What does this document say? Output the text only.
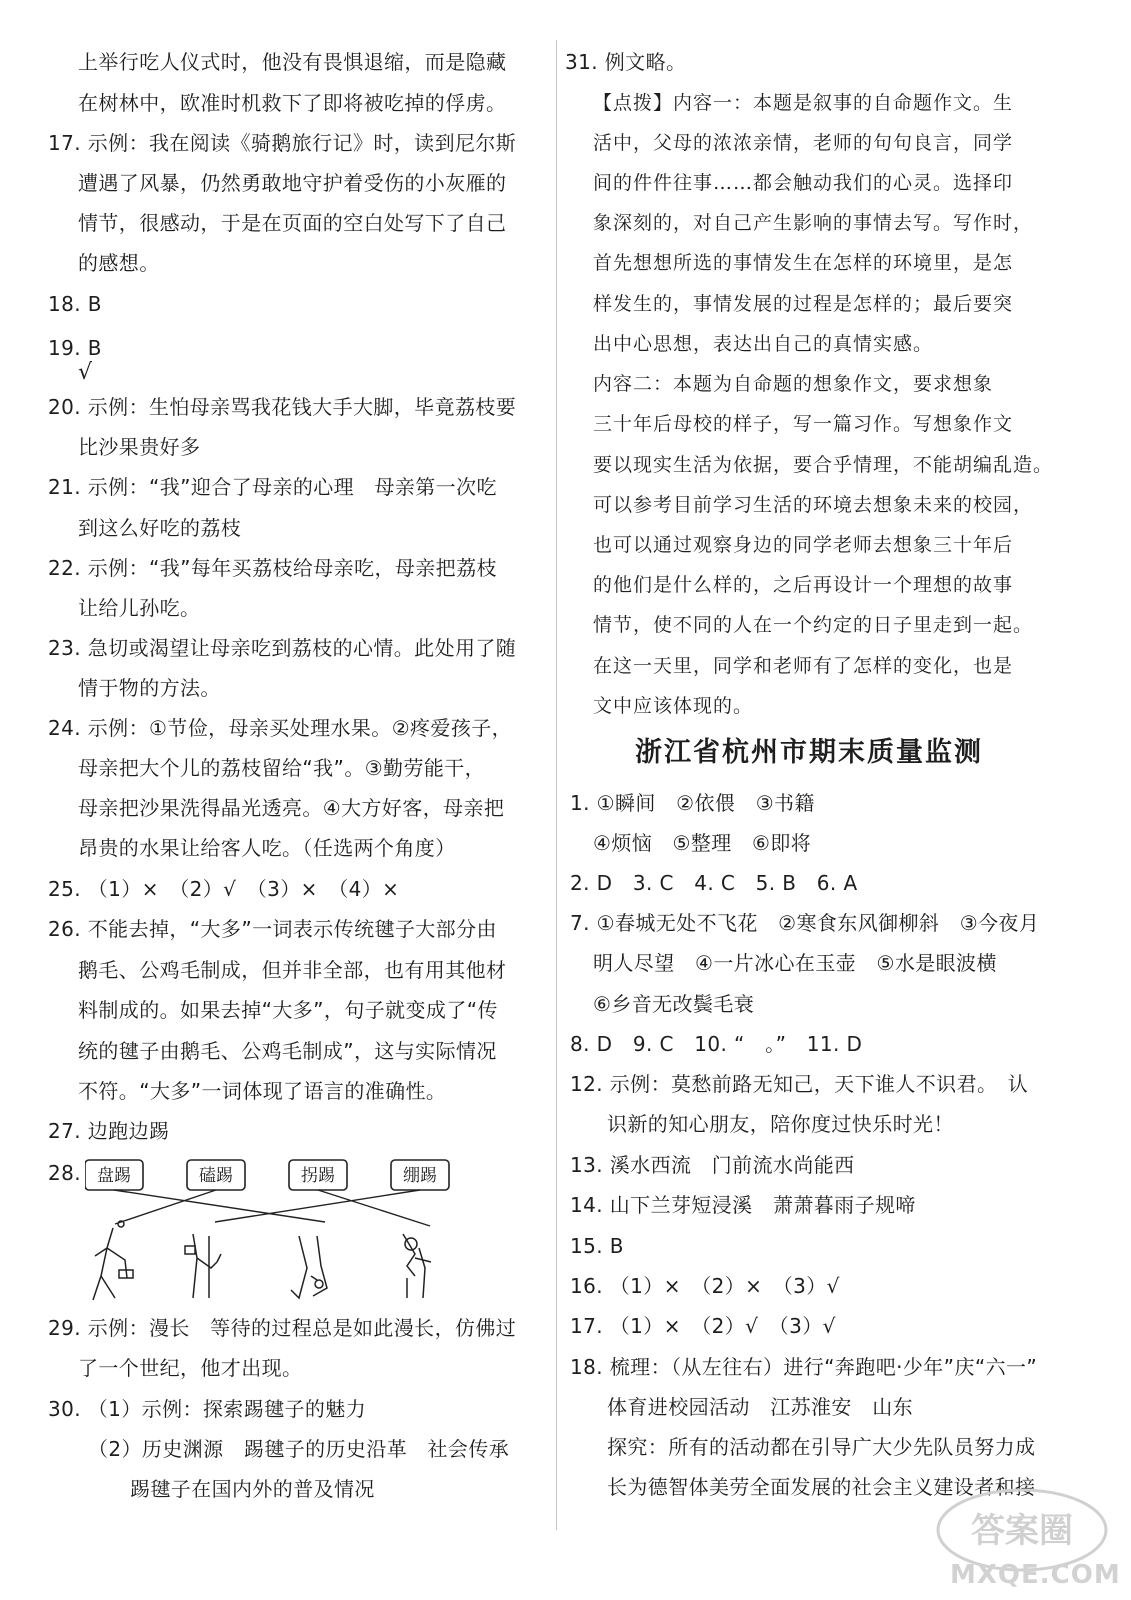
上举行吃人仪式时，他没有畏惧退缩，而是隐藏
在树林中，欧准时机救下了即将被吃掉的俘虏。
17. 示例：我在阅读《骑鹅旅行记》时，读到尼尔斯
遭遇了风暴，仍然勇敢地守护着受伤的小灰雁的
情节，很感动，于是在页面的空白处写下了自己
的感想。
18. B
19. B
√
20. 示例：生怕母亲骂我花钱大手大脚，毕竟荔枝要
比沙果贵好多
21. 示例：“我”迎合了母亲的心理　母亲第一次吃
到这么好吃的荔枝
22. 示例：“我”每年买荔枝给母亲吃，母亲把荔枝
让给儿孙吃。
23. 急切或渴望让母亲吃到荔枝的心情。此处用了随
情于物的方法。
24. 示例：①节俭，母亲买处理水果。②疼爱孩子，
母亲把大个儿的荔枝留给“我”。③勤劳能干，
母亲把沙果洗得晶光透亮。④大方好客，母亲把
昂贵的水果让给客人吃。（任选两个角度）
25. （1）×　（2）√　（3）×　（4）×
26. 不能去掉，“大多”一词表示传统毽子大部分由
鹅毛、公鸡毛制成，但并非全部，也有用其他材
料制成的。如果去掉“大多”，句子就变成了“传
统的毽子由鹅毛、公鸡毛制成”，这与实际情况
不符。“大多”一词体现了语言的准确性。
27. 边跑边踢
28. 盘踢	磕踢	拐踢	绷踢
29. 示例：漫长　等待的过程总是如此漫长，仿佛过
了一个世纪，他才出现。
30. （1）示例：探索踢毽子的魅力
（2）历史渊源　踢毽子的历史沿革　社会传承
踢毽子在国内外的普及情况
31. 例文略。
【点拨】内容一：本题是叙事的自命题作文。生
活中，父母的浓浓亲情，老师的句句良言，同学
间的件件往事……都会触动我们的心灵。选择印
象深刻的，对自己产生影响的事情去写。写作时，
首先想想所选的事情发生在怎样的环境里，是怎
样发生的，事情发展的过程是怎样的；最后要突
出中心思想，表达出自己的真情实感。
内容二：本题为自命题的想象作文，要求想象
三十年后母校的样子，写一篇习作。写想象作文
要以现实生活为依据，要合乎情理，不能胡编乱造。
可以参考目前学习生活的环境去想象未来的校园，
也可以通过观察身边的同学老师去想象三十年后
的他们是什么样的，之后再设计一个理想的故事
情节，使不同的人在一个约定的日子里走到一起。
在这一天里，同学和老师有了怎样的变化，也是
文中应该体现的。
浙江省杭州市期末质量监测
1. ①瞬间　②依偎　③书籍
④烦恼　⑤整理　⑥即将
2. D　3. C　4. C　5. B　6. A
7. ①春城无处不飞花　②寒食东风御柳斜　③今夜月
明人尽望　④一片冰心在玉壶　⑤水是眼波横
⑥乡音无改鬓毛衰
8. D　9. C　10. “　。”　11. D
12. 示例：莫愁前路无知己，天下谁人不识君。　认
识新的知心朋友，陪你度过快乐时光！
13. 溪水西流　门前流水尚能西
14. 山下兰芽短浸溪　萧萧暮雨子规啼
15. B
16. （1）×　（2）×　（3）√
17. （1）×　（2）√　（3）√
18. 梳理：（从左往右）进行“奔跑吧·少年”庆“六一”
体育进校园活动　江苏淮安　山东
探究：所有的活动都在引导广大少先队员努力成
长为德智体美劳全面发展的社会主义建设者和接
答案圈
MXQE.COM
